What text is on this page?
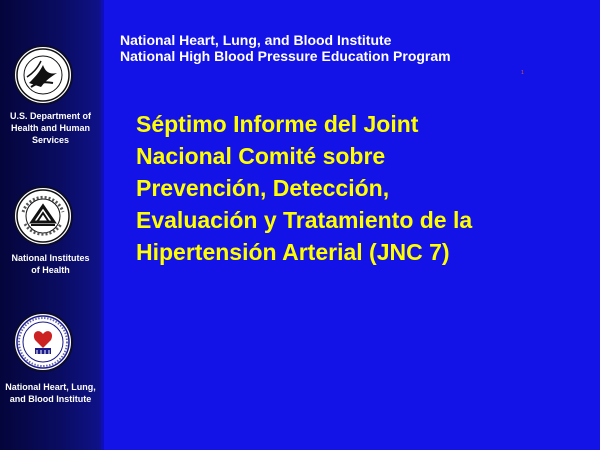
U.S. Department of
Health and Human
Services
National Institutes
of Health
National Heart, Lung,
and Blood Institute
National Heart, Lung, and Blood Institute
National High Blood Pressure Education Program
1
Séptimo Informe del Joint
Nacional Comité sobre
Prevención, Detección,
Evaluación y Tratamiento de la
Hipertensión Arterial (JNC 7)
